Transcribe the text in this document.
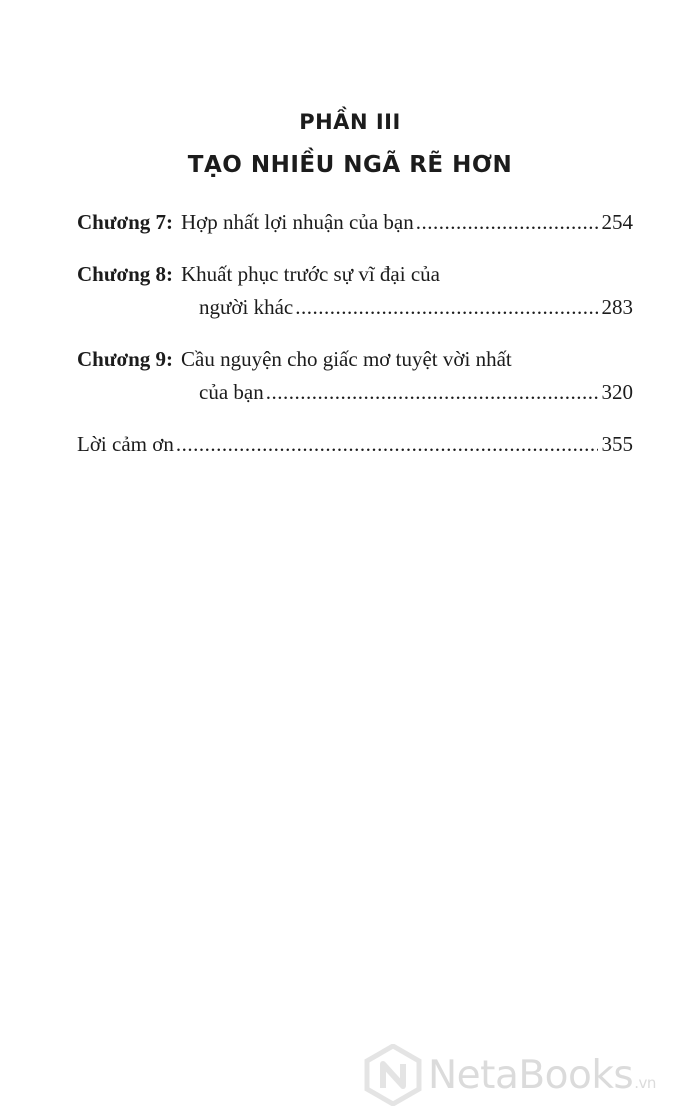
PHẦN III
TẠO NHIỀU NGÃ RẼ HƠN
Chương 7: Hợp nhất lợi nhuận của bạn .....	254
Chương 8: Khuất phục trước sự vĩ đại của
người khác .....	283
Chương 9: Cầu nguyện cho giấc mơ tuyệt vời nhất
của bạn .....	320
Lời cảm ơn .....	355
NetaBooks.vn
